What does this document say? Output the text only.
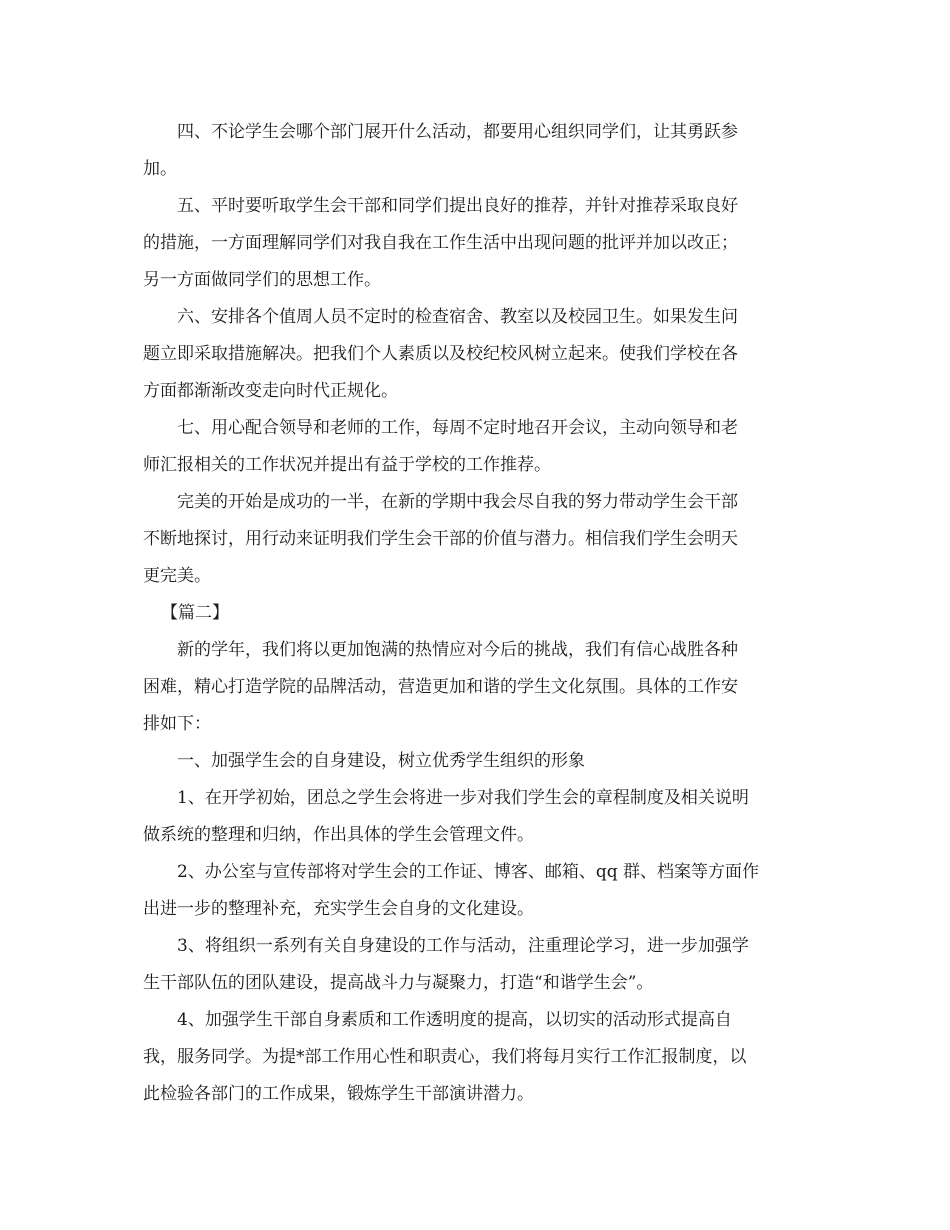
四、不论学生会哪个部门展开什么活动，都要用心组织同学们，让其勇跃参
加。

五、平时要听取学生会干部和同学们提出良好的推荐，并针对推荐采取良好
的措施，一方面理解同学们对我自我在工作生活中出现问题的批评并加以改正；
另一方面做同学们的思想工作。

六、安排各个值周人员不定时的检查宿舍、教室以及校园卫生。如果发生问
题立即采取措施解决。把我们个人素质以及校纪校风树立起来。使我们学校在各
方面都渐渐改变走向时代正规化。

七、用心配合领导和老师的工作，每周不定时地召开会议，主动向领导和老
师汇报相关的工作状况并提出有益于学校的工作推荐。

完美的开始是成功的一半，在新的学期中我会尽自我的努力带动学生会干部
不断地探讨，用行动来证明我们学生会干部的价值与潜力。相信我们学生会明天
更完美。

【篇二】

新的学年，我们将以更加饱满的热情应对今后的挑战，我们有信心战胜各种
困难，精心打造学院的品牌活动，营造更加和谐的学生文化氛围。具体的工作安
排如下：

一、加强学生会的自身建设，树立优秀学生组织的形象

1、在开学初始，团总之学生会将进一步对我们学生会的章程制度及相关说明
做系统的整理和归纳，作出具体的学生会管理文件。

2、办公室与宣传部将对学生会的工作证、博客、邮箱、qq 群、档案等方面作
出进一步的整理补充，充实学生会自身的文化建设。

3、将组织一系列有关自身建设的工作与活动，注重理论学习，进一步加强学
生干部队伍的团队建设，提高战斗力与凝聚力，打造“和谐学生会”。

4、加强学生干部自身素质和工作透明度的提高，以切实的活动形式提高自
我，服务同学。为提*部工作用心性和职责心，我们将每月实行工作汇报制度，以
此检验各部门的工作成果，锻炼学生干部演讲潜力。
